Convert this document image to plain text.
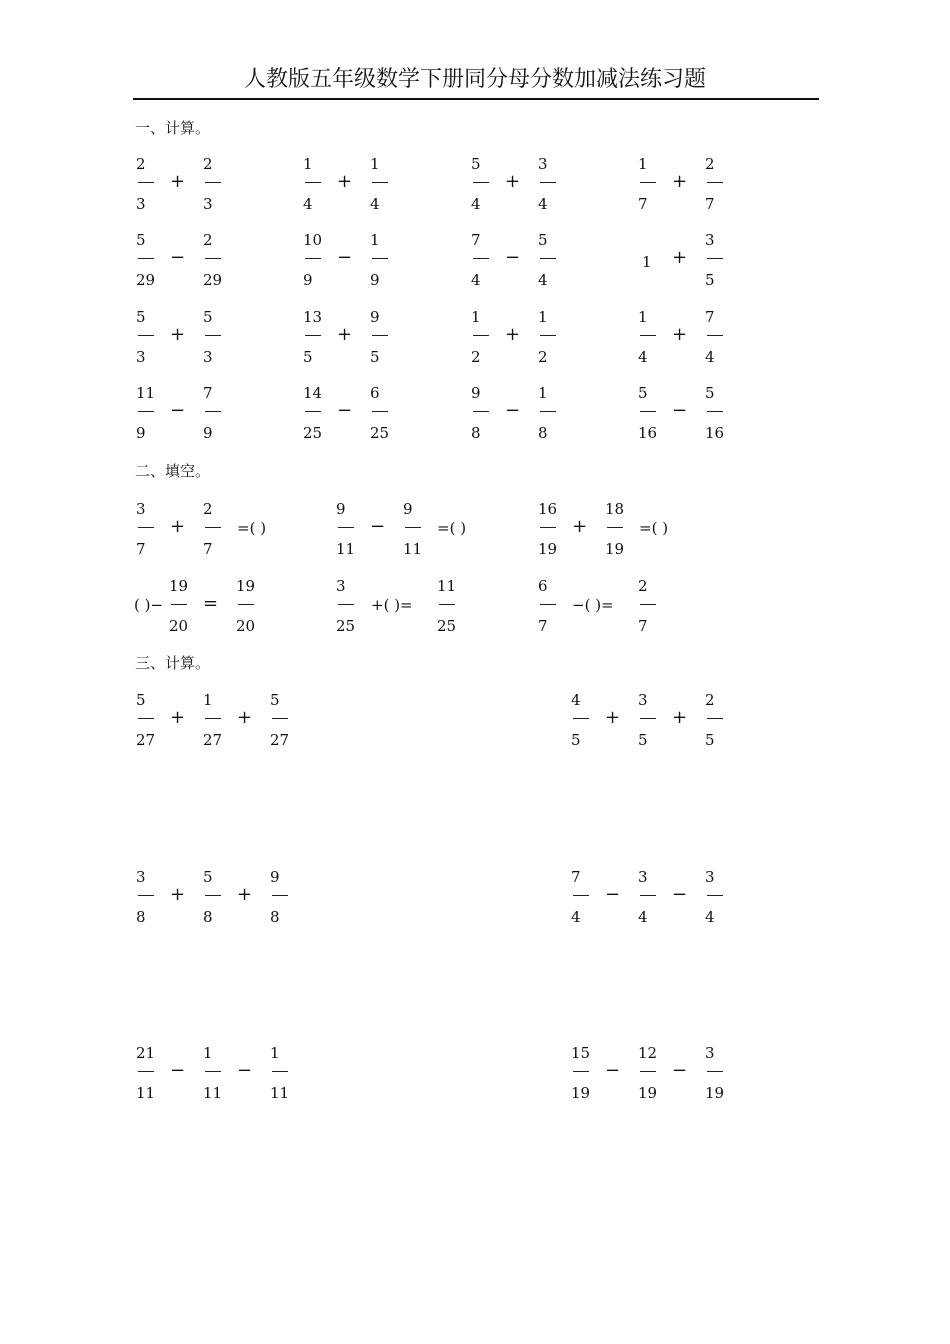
人教版五年级数学下册同分母分数加减法练习题
一、计算。
二、填空。
三、计算。
2
3
+
2
3
1
4
+
1
4
5
4
+
3
4
1
7
+
2
7
5
29
−
2
29
10
9
−
1
9
7
4
−
5
4
1 +
3
5
5
3
+
5
3
13
5
+
9
5
1
2
+
1
2
1
4
+
7
4
11
9
−
7
9
14
25
−
6
25
9
8
−
1
8
5
16
−
5
16
3
7
+
2
7
=( )
9
11
−
9
11
=( )
16
19
+
18
19
=( )
( )−
19
20
=
19
20
3
25
+( )=
11
25
6
7
−( )=
2
7
5
27
+
1
27
+
5
27
4
5
+
3
5
+
2
5
3
8
+
5
8
+
9
8
7
4
−
3
4
−
3
4
21
11
−
1
11
−
1
11
15
19
−
12
19
−
3
19
